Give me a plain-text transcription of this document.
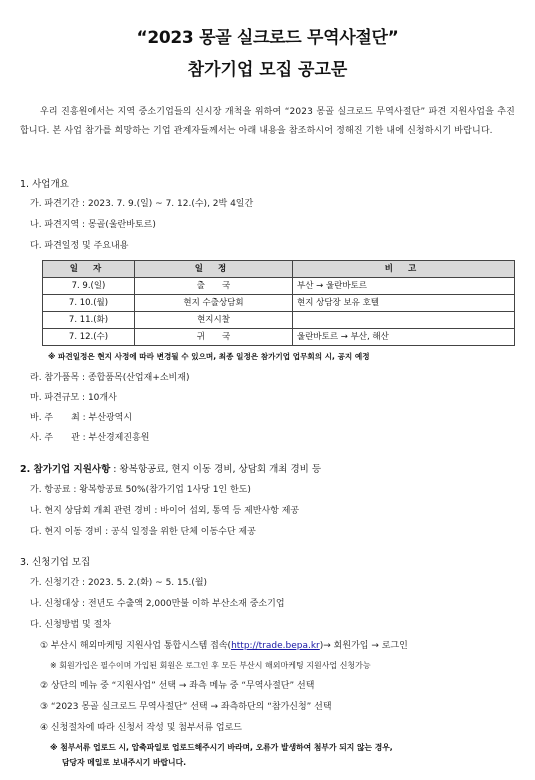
“2023 몽골 실크로드 무역사절단”
참가기업 모집 공고문

우리 진흥원에서는 지역 중소기업들의 신시장 개척을 위하여 “2023 몽골 실크로드 무역사절단” 파견 지원사업을 추진합니다. 본 사업 참가를 희망하는 기업 관계자들께서는 아래 내용을 참조하시어 정해진 기한 내에 신청하시기 바랍니다.

1. 사업개요
가. 파견기간 : 2023. 7. 9.(일) ~ 7. 12.(수), 2박 4일간
나. 파견지역 : 몽골(울란바토르)
다. 파견일정 및 주요내용
일 자	일 정	비 고
7. 9.(일)	출　　국	부산 → 울란바토르
7. 10.(월)	현지 수출상담회	현지 상담장 보유 호텔
7. 11.(화)	현지시찰	
7. 12.(수)	귀　　국	울란바토르 → 부산, 해산
※ 파견일정은 현지 사정에 따라 변경될 수 있으며, 최종 일정은 참가기업 업무회의 시, 공지 예정
라. 참가품목 : 종합품목(산업재+소비재)
마. 파견규모 : 10개사
바. 주　　최 : 부산광역시
사. 주　　관 : 부산경제진흥원
2. 참가기업 지원사항 : 왕복항공료, 현지 이동 경비, 상담회 개최 경비 등
가. 항공료 : 왕복항공료 50%(참가기업 1사당 1인 한도)
나. 현지 상담회 개최 관련 경비 : 바이어 섭외, 통역 등 제반사항 제공
다. 현지 이동 경비 : 공식 일정을 위한 단체 이동수단 제공
3. 신청기업 모집
가. 신청기간 : 2023. 5. 2.(화) ~ 5. 15.(월)
나. 신청대상 : 전년도 수출액 2,000만불 이하 부산소재 중소기업
다. 신청방법 및 절차
① 부산시 해외마케팅 지원사업 통합시스템 접속(http://trade.bepa.kr)→ 회원가입 → 로그인
※ 회원가입은 필수이며 가입된 회원은 로그인 후 모든 부산시 해외마케팅 지원사업 신청가능
② 상단의 메뉴 중 “지원사업” 선택 → 좌측 메뉴 중 “무역사절단” 선택
③ “2023 몽골 실크로드 무역사절단” 선택 → 좌측하단의 “참가신청” 선택
④ 신청절차에 따라 신청서 작성 및 첨부서류 업로드
※ 첨부서류 업로드 시, 압축파일로 업로드해주시기 바라며, 오류가 발생하여 첨부가 되지 않는 경우,
담당자 메일로 보내주시기 바랍니다.
